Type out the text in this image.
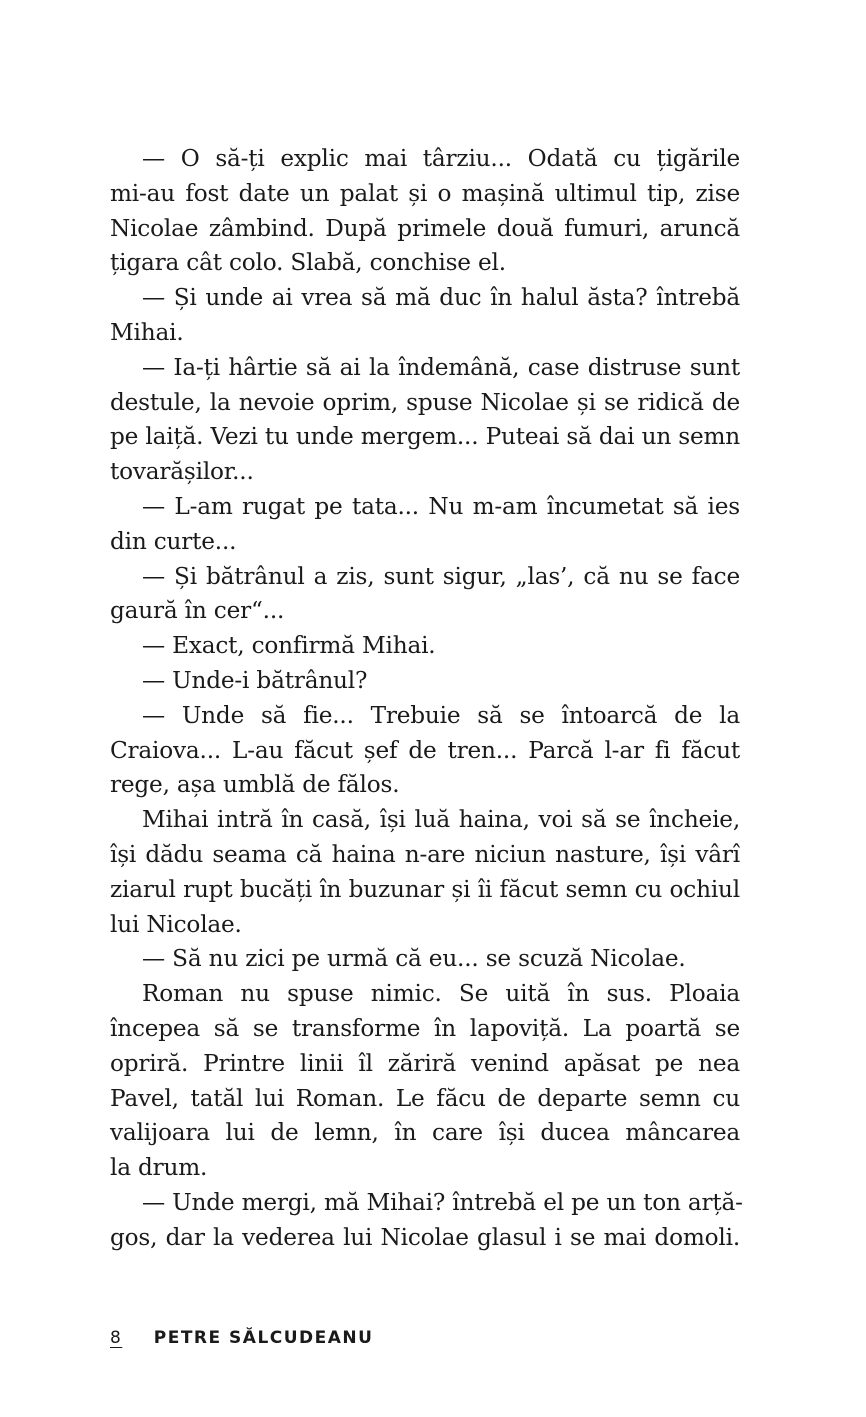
— O să-ți explic mai târziu... Odată cu țigările
mi-au fost date un palat și o mașină ultimul tip, zise
Nicolae zâmbind. După primele două fumuri, aruncă
țigara cât colo. Slabă, conchise el.
— Și unde ai vrea să mă duc în halul ăsta? întrebă
Mihai.
— Ia-ți hârtie să ai la îndemână, case distruse sunt
destule, la nevoie oprim, spuse Nicolae și se ridică de
pe laiță. Vezi tu unde mergem... Puteai să dai un semn
tovarășilor...
— L-am rugat pe tata... Nu m-am încumetat să ies
din curte...
— Și bătrânul a zis, sunt sigur, „las’, că nu se face
gaură în cer“...
— Exact, confirmă Mihai.
— Unde-i bătrânul?
— Unde să fie... Trebuie să se întoarcă de la
Craiova... L-au făcut șef de tren... Parcă l-ar fi făcut
rege, așa umblă de fălos.
Mihai intră în casă, își luă haina, voi să se încheie,
își dădu seama că haina n-are niciun nasture, își vârî
ziarul rupt bucăți în buzunar și îi făcut semn cu ochiul
lui Nicolae.
— Să nu zici pe urmă că eu... se scuză Nicolae.
Roman nu spuse nimic. Se uită în sus. Ploaia
începea să se transforme în lapoviță. La poartă se
opriră. Printre linii îl zăriră venind apăsat pe nea
Pavel, tatăl lui Roman. Le făcu de departe semn cu
valijoara lui de lemn, în care își ducea mâncarea
la drum.
— Unde mergi, mă Mihai? întrebă el pe un ton arță-
gos, dar la vederea lui Nicolae glasul i se mai domoli.
8 PETRE SĂLCUDEANU
